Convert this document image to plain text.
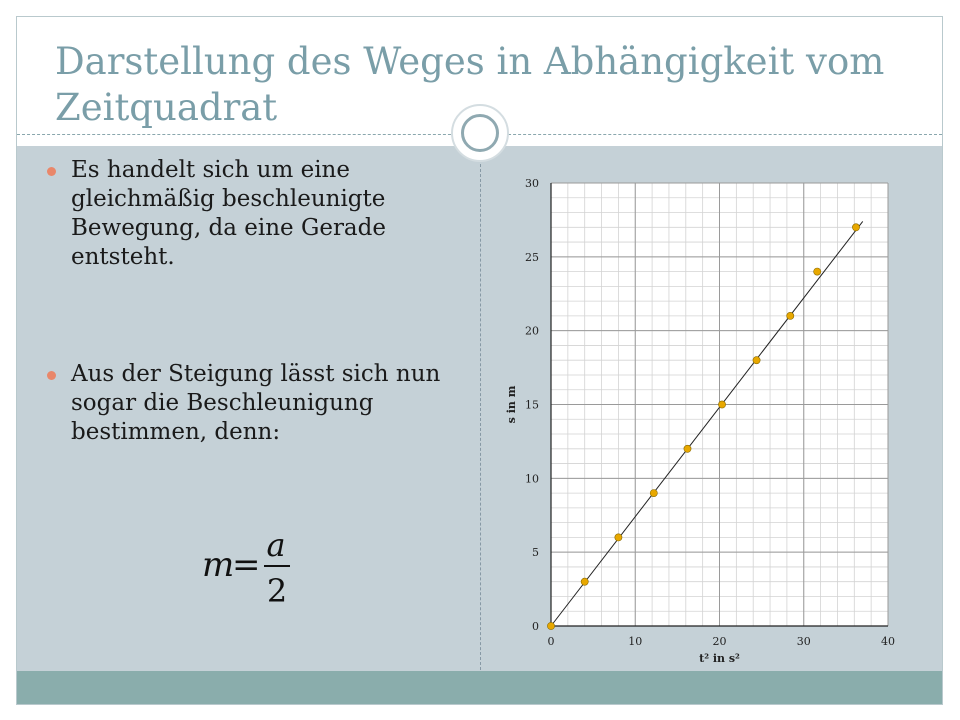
Darstellung des Weges in Abhängigkeit vom Zeitquadrat
Es handelt sich um eine gleichmäßig beschleunigte Bewegung, da eine Gerade entsteht.
Aus der Steigung lässt sich nun sogar die Beschleunigung bestimmen, denn:
m
= a
2
0	10	20	30	40
0
5
10
15
20
25
30
t² in s²
s in m
